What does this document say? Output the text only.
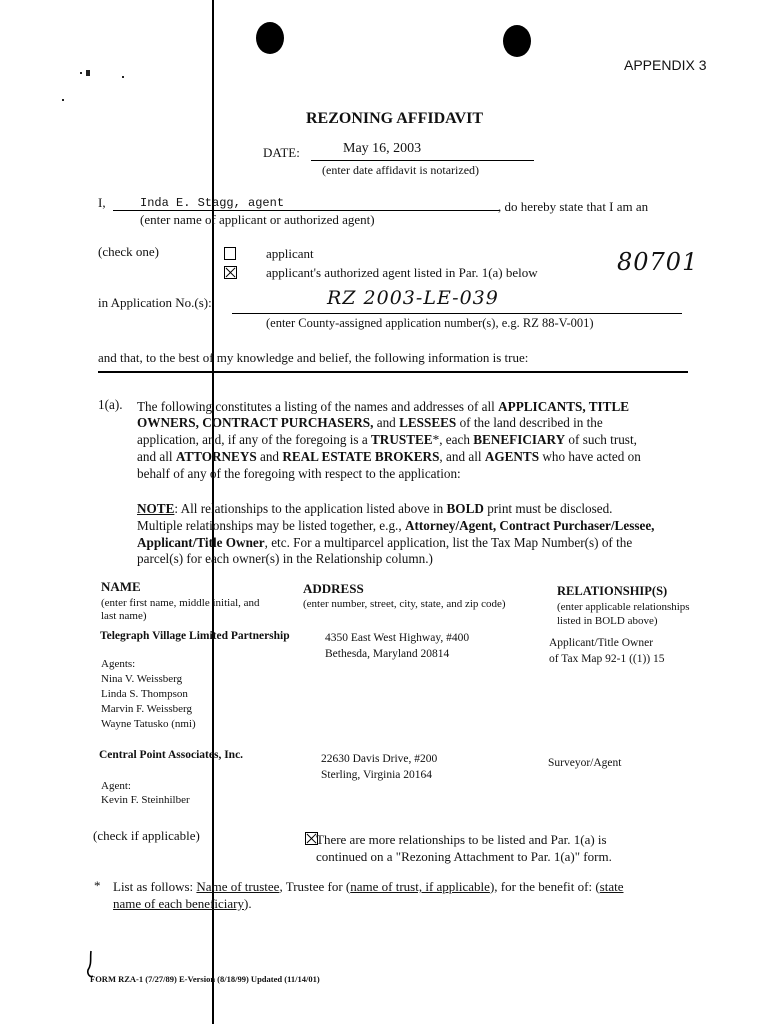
APPENDIX 3
REZONING AFFIDAVIT
DATE:	May 16, 2003
(enter date affidavit is notarized)
I,	Inda E. Stagg, agent	, do hereby state that I am an
(enter name of applicant or authorized agent)
(check one)	applicant

applicant's authorized agent listed in Par. 1(a) below	80701
in Application No.(s):	RZ 2003-LE-039
(enter County-assigned application number(s), e.g. RZ 88-V-001)
and that, to the best of my knowledge and belief, the following information is true:
1(a). The following constitutes a listing of the names and addresses of all APPLICANTS, TITLE
OWNERS, CONTRACT PURCHASERS, and LESSEES of the land described in the
application, and, if any of the foregoing is a TRUSTEE*, each BENEFICIARY of such trust,
and all ATTORNEYS and REAL ESTATE BROKERS, and all AGENTS who have acted on
behalf of any of the foregoing with respect to the application:
NOTE: All relationships to the application listed above in BOLD print must be disclosed.
Multiple relationships may be listed together, e.g., Attorney/Agent, Contract Purchaser/Lessee,
Applicant/Title Owner, etc. For a multiparcel application, list the Tax Map Number(s) of the
parcel(s) for each owner(s) in the Relationship column.)
NAME
(enter first name, middle initial, and
last name)
ADDRESS
(enter number, street, city, state, and zip code)
RELATIONSHIP(S)
(enter applicable relationships
listed in BOLD above)
Telegraph Village Limited Partnership	4350 East West Highway, #400
Bethesda, Maryland 20814
Applicant/Title Owner
of Tax Map 92-1 ((1)) 15
Agents:
Nina V. Weissberg
Linda S. Thompson
Marvin F. Weissberg
Wayne Tatusko (nmi)
Central Point Associates, Inc.	22630 Davis Drive, #200
Sterling, Virginia 20164
Surveyor/Agent
Agent:
Kevin F. Steinhilber
(check if applicable)	There are more relationships to be listed and Par. 1(a) is
continued on a "Rezoning Attachment to Par. 1(a)" form.
* List as follows: Name of trustee, Trustee for (name of trust, if applicable), for the benefit of: (state
name of each beneficiary).
FORM RZA-1 (7/27/89) E-Version (8/18/99) Updated (11/14/01)
